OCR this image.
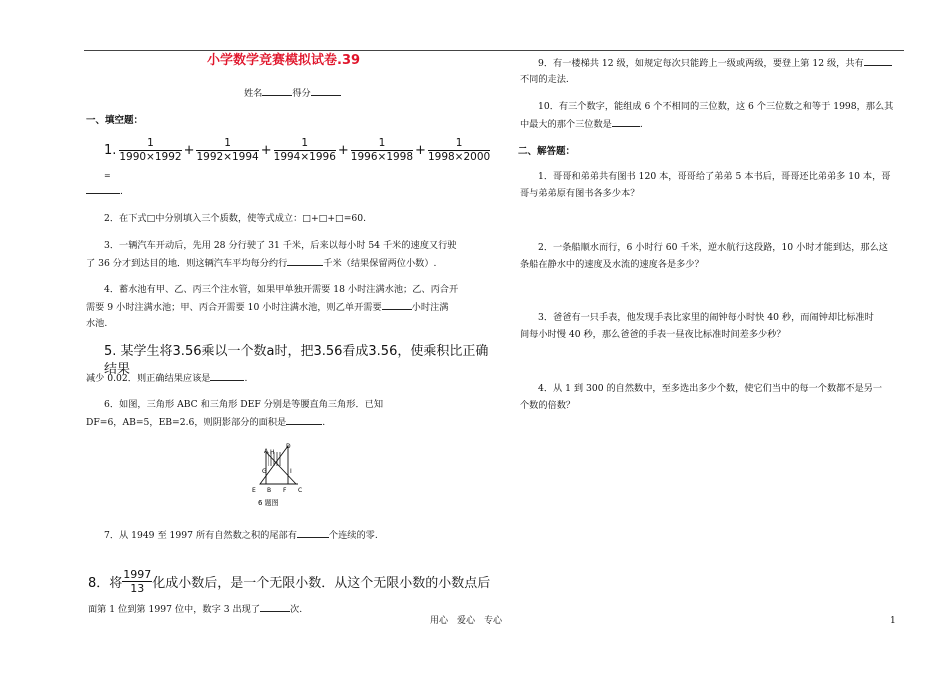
小学数学竞赛模拟试卷.39
姓名	得分
一、填空题：
1. $\frac{1}{1990\times 1992} + \frac{1}{1992\times 1994} + \frac{1}{1994\times 1996} + \frac{1}{1996\times 1998} + \frac{1}{1998\times 2000}$
=
.
2．在下式□中分别填入三个质数，使等式成立：□+□+□=60.
3．一辆汽车开动后，先用 28 分行驶了 31 千米，后来以每小时 54 千米的速度又行驶
了 36 分才到达目的地．则这辆汽车平均每分约行	千米（结果保留两位小数）.
4．蓄水池有甲、乙、丙三个注水管，如果甲单独开需要 18 小时注满水池；乙、丙合开
需要 9 小时注满水池；甲、丙合开需要 10 小时注满水池，则乙单开需要	小时注满
水池.
5. 某学生将3.56乘以一个数a时，把3.56看成3.56，使乘积比正确结果
减少 0.02．则正确结果应该是	.
6．如图，三角形 ABC 和三角形 DEF 分别是等腰直角三角形．已知
DF=6，AB=5，EB=2.6，则阴影部分的面积是	.
D
A H
G	I
E B F C
6 题图
7．从 1949 至 1997 所有自然数之积的尾部有	个连续的零.
8．将 $\frac{1997}{13}$ 化成小数后，是一个无限小数．从这个无限小数的小数点后
面第 1 位到第 1997 位中，数字 3 出现了	次.
9．有一楼梯共 12 级，如规定每次只能跨上一级或两级，要登上第 12 级，共有
不同的走法.
10．有三个数字，能组成 6 个不相同的三位数，这 6 个三位数之和等于 1998，那么其
中最大的那个三位数是	.
二、解答题：
1．哥哥和弟弟共有图书 120 本，哥哥给了弟弟 5 本书后，哥哥还比弟弟多 10 本，哥
哥与弟弟原有图书各多少本？
2．一条船顺水而行，6 小时行 60 千米，逆水航行这段路，10 小时才能到达，那么这
条船在静水中的速度及水流的速度各是多少？
3．爸爸有一只手表，他发现手表比家里的闹钟每小时快 40 秒，而闹钟却比标准时
间每小时慢 40 秒，那么爸爸的手表一昼夜比标准时间差多少秒？
4．从 1 到 300 的自然数中，至多选出多少个数，使它们当中的每一个数都不是另一
个数的倍数？
用心　爱心　专心	1
